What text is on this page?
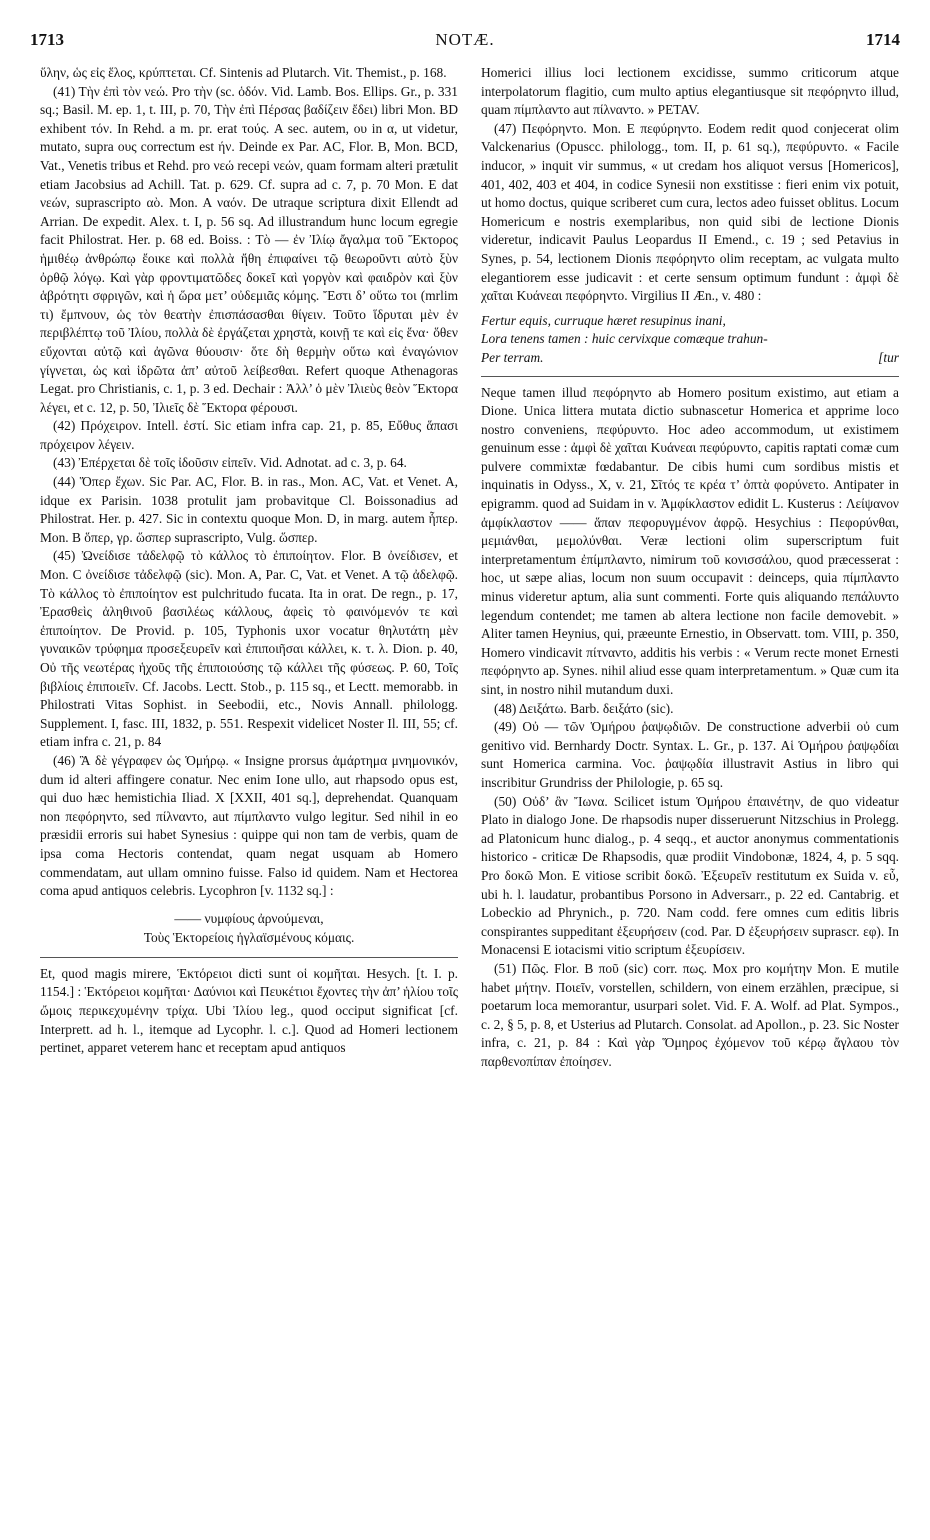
1713	NOTÆ.	1714

ὕλην, ὡς εἰς ἕλος, κρύπτεται. Cf. Sintenis ad Plutarch. Vit. Themist., p. 168.

(41) Τὴν ἐπὶ τὸν νεώ. Pro τὴν (sc. ὁδόν. Vid. Lamb. Bos. Ellips. Gr., p. 331 sq.; Basil. M. ep. 1, t. III, p. 70, Τὴν ἐπὶ Πέρσας βαδίζειν ἔδει) libri Mon. BD exhibent τόν. In Rehd. a m. pr. erat τούς. A sec. autem, ου in α, ut videtur, mutato, supra ους correctum est ήν. Deinde ex Par. AC, Flor. B, Mon. BCD, Vat., Venetis tribus et Rehd. pro νεώ recepi νεών, quam formam alteri prætulit etiam Jacobsius ad Achill. Tat. p. 629. Cf. supra ad c. 7, p. 70 Mon. E dat νεών, suprascripto αὸ. Mon. A ναόν. De utraque scriptura dixit Ellendt ad Arrian. De expedit. Alex. t. I, p. 56 sq. Ad illustrandum hunc locum egregie facit Philostrat. Her. p. 68 ed. Boiss. : Τὸ — ἐν Ἰλίῳ ἄγαλμα τοῦ Ἕκτορος ἡμιθέῳ ἀνθρώπῳ ἔοικε καὶ πολλὰ ἤθη ἐπιφαίνει τῷ θεωροῦντι αὐτὸ ξὺν ὀρθῷ λόγῳ. Καὶ γὰρ φροντιματῶδες δοκεῖ καὶ γοργὸν καὶ φαιδρὸν καὶ ξὺν ἁβρότητι σφριγῶν, καὶ ἡ ὥρα μετ’ οὐδεμιᾶς κόμης. Ἔστι δ’ οὕτω τοι (mrlim τι) ἔμπνουν, ὡς τὸν θεατὴν ἐπισπάσασθαι θίγειν. Τοῦτο ἵδρυται μὲν ἐν περιβλέπτῳ τοῦ Ἰλίου, πολλὰ δὲ ἐργάζεται χρηστὰ, κοινῇ τε καὶ εἰς ἕνα· ὅθεν εὔχονται αὐτῷ καὶ ἀγῶνα θύουσιν· ὅτε δὴ θερμὴν οὕτω καὶ ἐναγώνιον γίγνεται, ὡς καὶ ἱδρῶτα ἀπ’ αὐτοῦ λείβεσθαι. Refert quoque Athenagoras Legat. pro Christianis, c. 1, p. 3 ed. Dechair : Ἀλλ’ ὁ μὲν Ἰλιεὺς θεὸν Ἕκτορα λέγει, et c. 12, p. 50, Ἰλιεῖς δὲ Ἕκτορα φέρουσι.

(42) Πρόχειρον. Intell. ἐστί. Sic etiam infra cap. 21, p. 85, Εὔθυς ἅπασι πρόχειρον λέγειν.

(43) Ἐπέρχεται δὲ τοῖς ἰδοῦσιν εἰπεῖν. Vid. Adnotat. ad c. 3, p. 64.

(44) Ὅπερ ἔχων. Sic Par. AC, Flor. B. in ras., Mon. AC, Vat. et Venet. A, idque ex Parisin. 1038 protulit jam probavitque Cl. Boissonadius ad Philostrat. Her. p. 427. Sic in contextu quoque Mon. D, in marg. autem ἧπερ. Mon. B ὅπερ, γρ. ὥσπερ suprascripto, Vulg. ὥσπερ.

(45) Ὠνείδισε τἀδελφῷ τὸ κάλλος τὸ ἐπιποίητον. Flor. B ὀνείδισεν, et Mon. C ὀνείδισε τἀδελφῷ (sic). Mon. A, Par. C, Vat. et Venet. A τῷ ἀδελφῷ. Τὸ κάλλος τὸ ἐπιποίητον est pulchritudo fucata. Ita in orat. De regn., p. 17, Ἐρασθεὶς ἀληθινοῦ βασιλέως κάλλους, ἀφεὶς τὸ φαινόμενόν τε καὶ ἐπιποίητον. De Provid. p. 105, Typhonis uxor vocatur θηλυτάτη μὲν γυναικῶν τρύφημα προσεξευρεῖν καὶ ἐπιποιῆσαι κάλλει, κ. τ. λ. Dion. p. 40, Οὐ τῆς νεωτέρας ἡχοῦς τῆς ἐπιποιούσης τῷ κάλλει τῆς φύσεως. P. 60, Τοῖς βιβλίοις ἐπιποιεῖν. Cf. Jacobs. Lectt. Stob., p. 115 sq., et Lectt. memorabb. in Philostrati Vitas Sophist. in Seebodii, etc., Novis Annall. philologg. Supplement. I, fasc. III, 1832, p. 551. Respexit videlicet Noster Il. III, 55; cf. etiam infra c. 21, p. 84

(46) Ἃ δὲ γέγραφεν ὡς Ὁμήρῳ. « Insigne prorsus ἁμάρτημα μνημονικόν, dum id alteri affingere conatur. Nec enim Ione ullo, aut rhapsodo opus est, qui duo hæc hemistichia Iliad. X [XXII, 401 sq.], deprehendat. Quanquam non πεφόρηντο, sed πίλναντο, aut πίμπλαντο vulgo legitur. Sed nihil in eo præsidii erroris sui habet Synesius : quippe qui non tam de verbis, quam de ipsa coma Hectoris contendat, quam negat usquam ab Homero commendatam, aut ullam omnino fuisse. Falso id quidem. Nam et Hectorea coma apud antiquos celebris. Lycophron [v. 1132 sq.] :

—— νυμφίους ἀρνούμεναι,
Τοὺς Ἑκτορείοις ἠγλαϊσμένους κόμαις.

Et, quod magis mirere, Ἑκτόρειοι dicti sunt οἱ κομῆται. Hesych. [t. I. p. 1154.] : Ἑκτόρειοι κομῆται· Δαύνιοι καὶ Πευκέτιοι ἔχοντες τὴν ἀπ’ ἡλίου τοῖς ὤμοις περικεχυμένην τρίχα. Ubi Ἰλίου leg., quod occiput significat [cf. Interprett. ad h. l., itemque ad Lycophr. l. c.]. Quod ad Homeri lectionem pertinet, apparet veterem hanc et receptam apud antiquos

Homerici illius loci lectionem excidisse, summo criticorum atque interpolatorum flagitio, cum multo aptius elegantiusque sit πεφόρηντο illud, quam πίμπλαντο aut πίλναντο. » PETAV.

(47) Πεφόρηντο. Mon. E πεφύρηντο. Eodem redit quod conjecerat olim Valckenarius (Opuscc. philologg., tom. II, p. 61 sq.), πεφύρυντο. « Facile inducor, » inquit vir summus, « ut credam hos aliquot versus [Homericos], 401, 402, 403 et 404, in codice Synesii non exstitisse : fieri enim vix potuit, ut homo doctus, quique scriberet cum cura, lectos adeo fuisset oblitus. Locum Homericum e nostris exemplaribus, non quid sibi de lectione Dionis videretur, indicavit Paulus Leopardus II Emend., c. 19 ; sed Petavius in Synes, p. 54, lectionem Dionis πεφόρηντο olim receptam, ac vulgata multo elegantiorem esse judicavit : et certe sensum optimum fundunt : ἀμφὶ δὲ χαῖται Κυάνεαι πεφόρηντο. Virgilius II Æn., v. 480 :

Fertur equis, curruque hæret resupinus inani,
Lora tenens tamen : huic cervixque comæque trahun-
Per terram.	[tur

Neque tamen illud πεφόρηντο ab Homero positum existimo, aut etiam a Dione. Unica littera mutata dictio subnascetur Homerica et apprime loco nostro conveniens, πεφύρυντο. Hoc adeo accommodum, ut existimem genuinum esse : ἀμφὶ δὲ χαῖται Κυάνεαι πεφύρυντο, capitis raptati comæ cum pulvere commixtæ fœdabantur. De cibis humi cum sordibus mistis et inquinatis in Odyss., X, v. 21, Σῖτός τε κρέα τ’ ὀπτὰ φορύνετο. Antipater in epigramm. quod ad Suidam in v. Ἀμφίκλαστον edidit L. Kusterus : Λείψανον ἀμφίκλαστον —— ἅπαν πεφορυγμένον ἀφρῷ. Hesychius : Πεφορύνθαι, μεμιάνθαι, μεμολύνθαι. Veræ lectioni olim superscriptum fuit interpretamentum ἐπίμπλαντο, nimirum τοῦ κονισσάλου, quod præcesserat : hoc, ut sæpe alias, locum non suum occupavit : deinceps, quia πίμπλαντο minus videretur aptum, alia sunt commenti. Forte quis aliquando πεπάλυντο legendum contendet; me tamen ab altera lectione non facile demovebit. » Aliter tamen Heynius, qui, præeunte Ernestio, in Observatt. tom. VIII, p. 350, Homero vindicavit πίτναντο, additis his verbis : « Verum recte monet Ernesti πεφόρηντο ap. Synes. nihil aliud esse quam interpretamentum. » Quæ cum ita sint, in nostro nihil mutandum duxi.

(48) Δειξάτω. Barb. δειξάτο (sic).

(49) Οὐ — τῶν Ὁμήρου ῥαψῳδιῶν. De constructione adverbii οὐ cum genitivo vid. Bernhardy Doctr. Syntax. L. Gr., p. 137. Αἱ Ὁμήρου ῥαψῳδίαι sunt Homerica carmina. Voc. ῥαψῳδία illustravit Astius in libro qui inscribitur Grundriss der Philologie, p. 65 sq.

(50) Οὐδ’ ἂν Ἴωνα. Scilicet istum Ὁμήρου ἐπαινέτην, de quo videatur Plato in dialogo Jone. De rhapsodis nuper disseruerunt Nitzschius in Prolegg. ad Platonicum hunc dialog., p. 4 seqq., et auctor anonymus commentationis historico - criticæ De Rhapsodis, quæ prodiit Vindobonæ, 1824, 4, p. 5 sqq. Pro δοκῶ Mon. E vitiose scribit δοκῶ. Ἐξευρεῖν restitutum ex Suida v. εὖ, ubi h. l. laudatur, probantibus Porsono in Adversarr., p. 22 ed. Cantabrig. et Lobeckio ad Phrynich., p. 720. Nam codd. fere omnes cum editis libris conspirantes suppeditant ἐξευρήσειν (cod. Par. D ἐξευρήσειν suprascr. εφ). In Monacensi E iotacismi vitio scriptum ἐξευρίσειν.

(51) Πῶς. Flor. B ποῦ (sic) corr. πως. Mox pro κομήτην Mon. E mutile habet μήτην. Ποιεῖν, vorstellen, schildern, von einem erzählen, præcipue, si poetarum loca memorantur, usurpari solet. Vid. F. A. Wolf. ad Plat. Sympos., c. 2, § 5, p. 8, et Usterius ad Plutarch. Consolat. ad Apollon., p. 23. Sic Noster infra, c. 21, p. 84 : Καὶ γὰρ Ὅμηρος ἐχόμενον τοῦ κέρῳ ἄγλαου τὸν παρθενοπίπαν ἐποίησεν.
